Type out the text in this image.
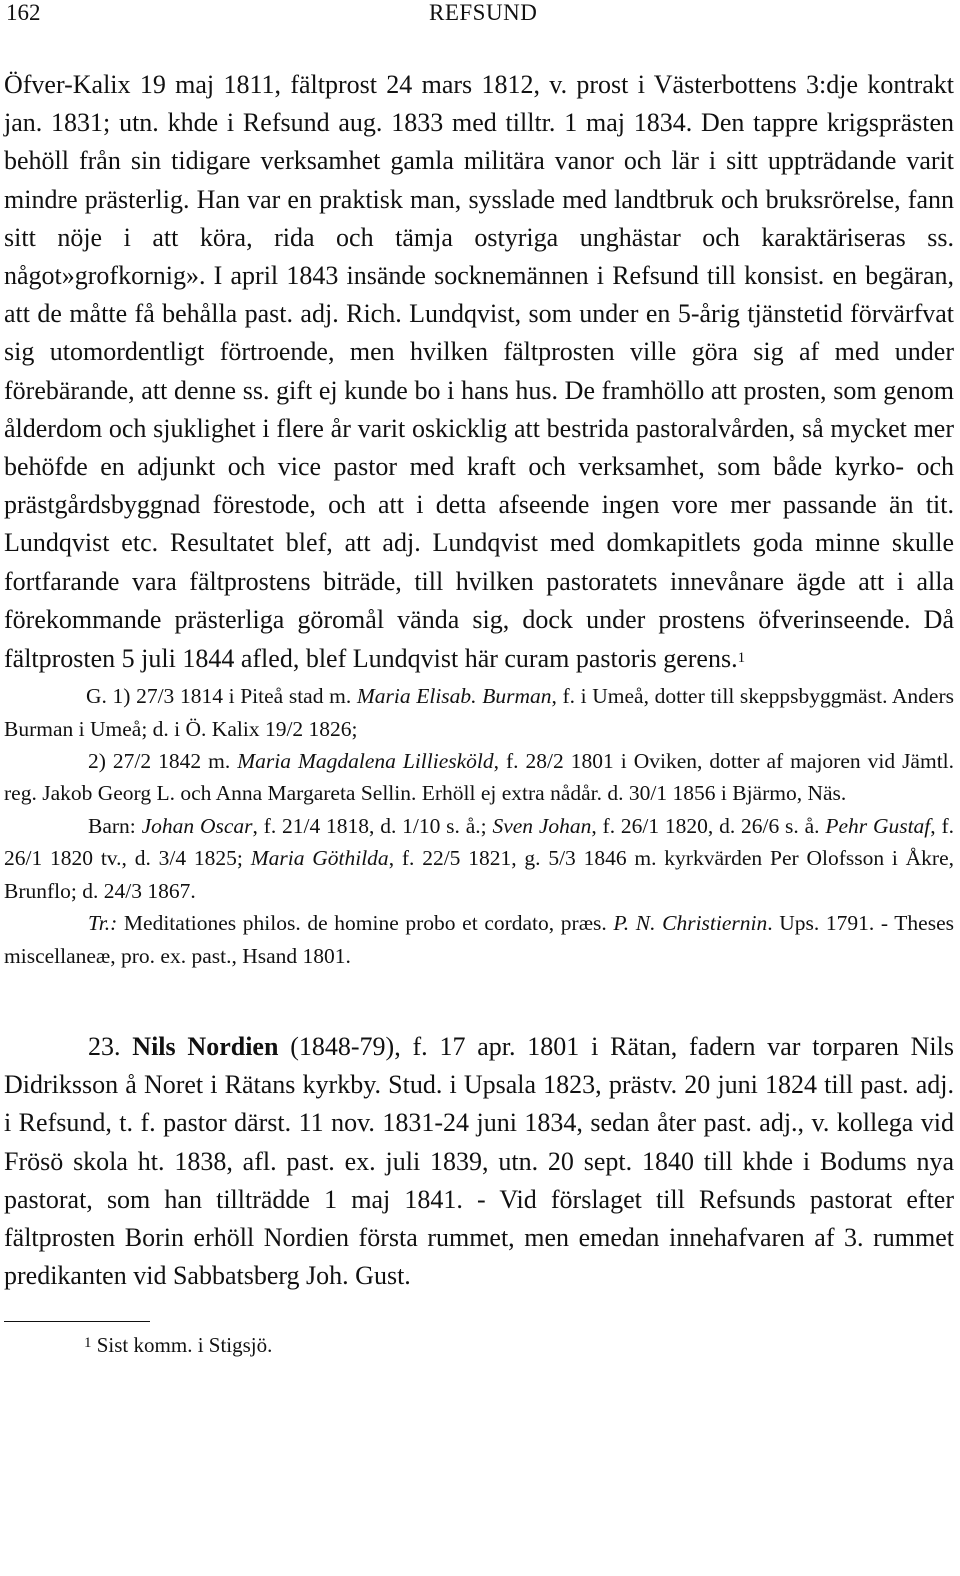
162	REFSUND

Öfver-Kalix 19 maj 1811, fältprost 24 mars 1812, v. prost i Västerbottens 3:dje kontrakt jan. 1831; utn. khde i Refsund aug. 1833 med tilltr. 1 maj 1834. Den tappre krigsprästen behöll från sin tidigare verksamhet gamla militära vanor och lär i sitt uppträdande varit mindre prästerlig. Han var en praktisk man, sysslade med landtbruk och bruksrörelse, fann sitt nöje i att köra, rida och tämja ostyriga unghästar och karaktäriseras ss. något»grofkornig». I april 1843 insände socknemännen i Refsund till konsist. en begäran, att de måtte få behålla past. adj. Rich. Lundqvist, som under en 5-årig tjänstetid förvärfvat sig utomordentligt förtroende, men hvilken fältprosten ville göra sig af med under förebärande, att denne ss. gift ej kunde bo i hans hus. De framhöllo att prosten, som genom ålderdom och sjuklighet i flere år varit oskicklig att bestrida pastoralvården, så mycket mer behöfde en adjunkt och vice pastor med kraft och verksamhet, som både kyrko- och prästgårdsbyggnad förestode, och att i detta afseende ingen vore mer passande än tit. Lundqvist etc. Resultatet blef, att adj. Lundqvist med domkapitlets goda minne skulle fortfarande vara fältprostens biträde, till hvilken pastoratets innevånare ägde att i alla förekommande prästerliga göromål vända sig, dock under prostens öfverinseende. Då fältprosten 5 juli 1844 afled, blef Lundqvist här curam pastoris gerens.$^1$

G. 1) 27/3 1814 i Piteå stad m. Maria Elisab. Burman, f. i Umeå, dotter till skeppsbyggmäst. Anders Burman i Umeå; d. i Ö. Kalix 19/2 1826;

2) 27/2 1842 m. Maria Magdalena Lilliesköld, f. 28/2 1801 i Oviken, dotter af majoren vid Jämtl. reg. Jakob Georg L. och Anna Margareta Sellin. Erhöll ej extra nådår. d. 30/1 1856 i Bjärmo, Näs.

Barn: Johan Oscar, f. 21/4 1818, d. 1/10 s. å.; Sven Johan, f. 26/1 1820, d. 26/6 s. å. Pehr Gustaf, f. 26/1 1820 tv., d. 3/4 1825; Maria Göthilda, f. 22/5 1821, g. 5/3 1846 m. kyrkvärden Per Olofsson i Åkre, Brunflo; d. 24/3 1867.

Tr.: Meditationes philos. de homine probo et cordato, præs. P. N. Christiernin. Ups. 1791. - Theses miscellaneæ, pro. ex. past., Hsand 1801.

23. Nils Nordien (1848-79), f. 17 apr. 1801 i Rätan, fadern var torparen Nils Didriksson å Noret i Rätans kyrkby. Stud. i Upsala 1823, prästv. 20 juni 1824 till past. adj. i Refsund, t. f. pastor därst. 11 nov. 1831-24 juni 1834, sedan åter past. adj., v. kollega vid Frösö skola ht. 1838, afl. past. ex. juli 1839, utn. 20 sept. 1840 till khde i Bodums nya pastorat, som han tillträdde 1 maj 1841. - Vid förslaget till Refsunds pastorat efter fältprosten Borin erhöll Nordien första rummet, men emedan innehafvaren af 3. rummet predikanten vid Sabbatsberg Joh. Gust.

$^1$ Sist komm. i Stigsjö.
